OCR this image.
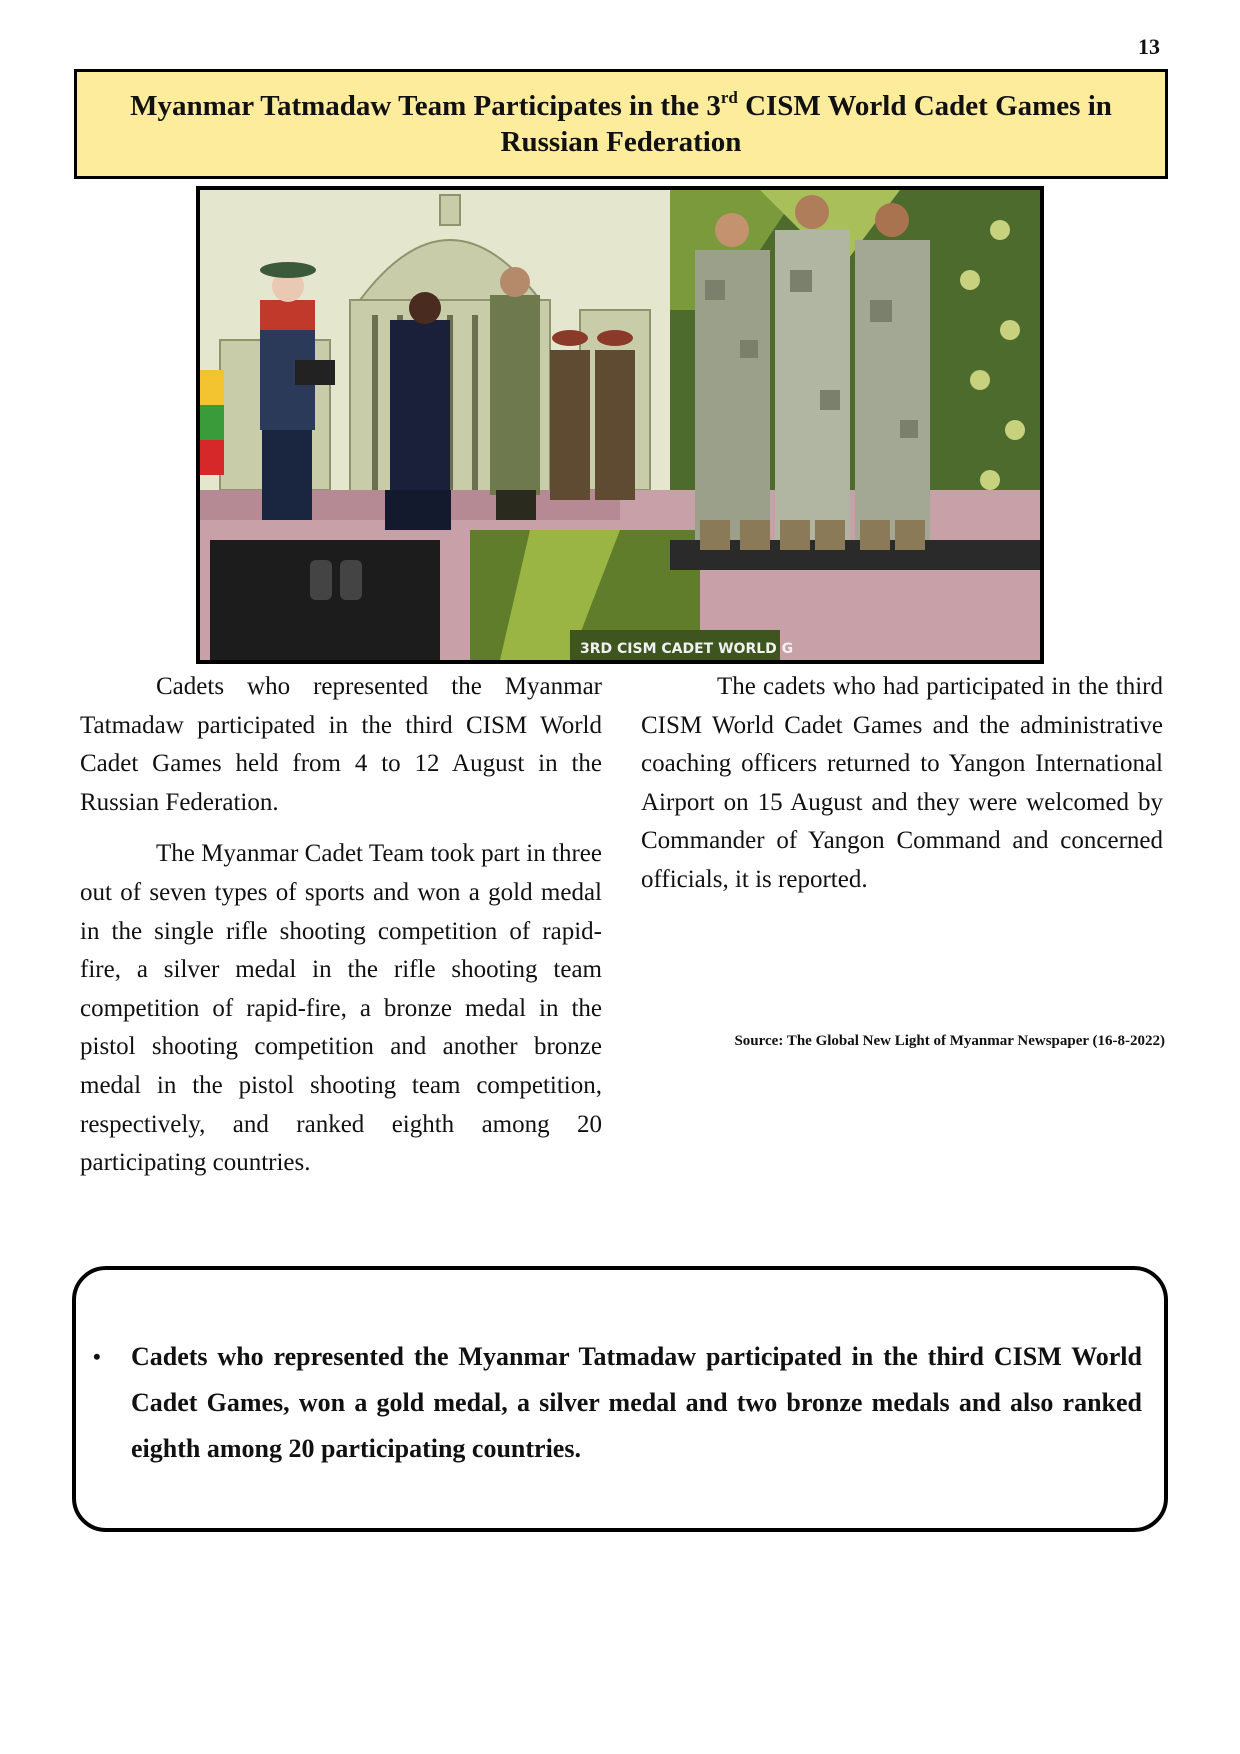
13
Myanmar Tatmadaw Team Participates in the 3rd CISM World Cadet Games in Russian Federation
3RD CISM CADET WORLD G

Cadets who represented the Myanmar Tatmadaw participated in the third CISM World Cadet Games held from 4 to 12 August in the Russian Federation.

The Myanmar Cadet Team took part in three out of seven types of sports and won a gold medal in the single rifle shooting competition of rapid-fire, a silver medal in the rifle shooting team competition of rapid-fire, a bronze medal in the pistol shooting competition and another bronze medal in the pistol shooting team competition, respectively, and ranked eighth among 20 participating countries.

The cadets who had participated in the third CISM World Cadet Games and the administrative coaching officers returned to Yangon International Airport on 15 August and they were welcomed by Commander of Yangon Command and concerned officials, it is reported.

Source: The Global New Light of Myanmar Newspaper (16-8-2022)
• Cadets who represented the Myanmar Tatmadaw participated in the third CISM World Cadet Games, won a gold medal, a silver medal and two bronze medals and also ranked eighth among 20 participating countries.
